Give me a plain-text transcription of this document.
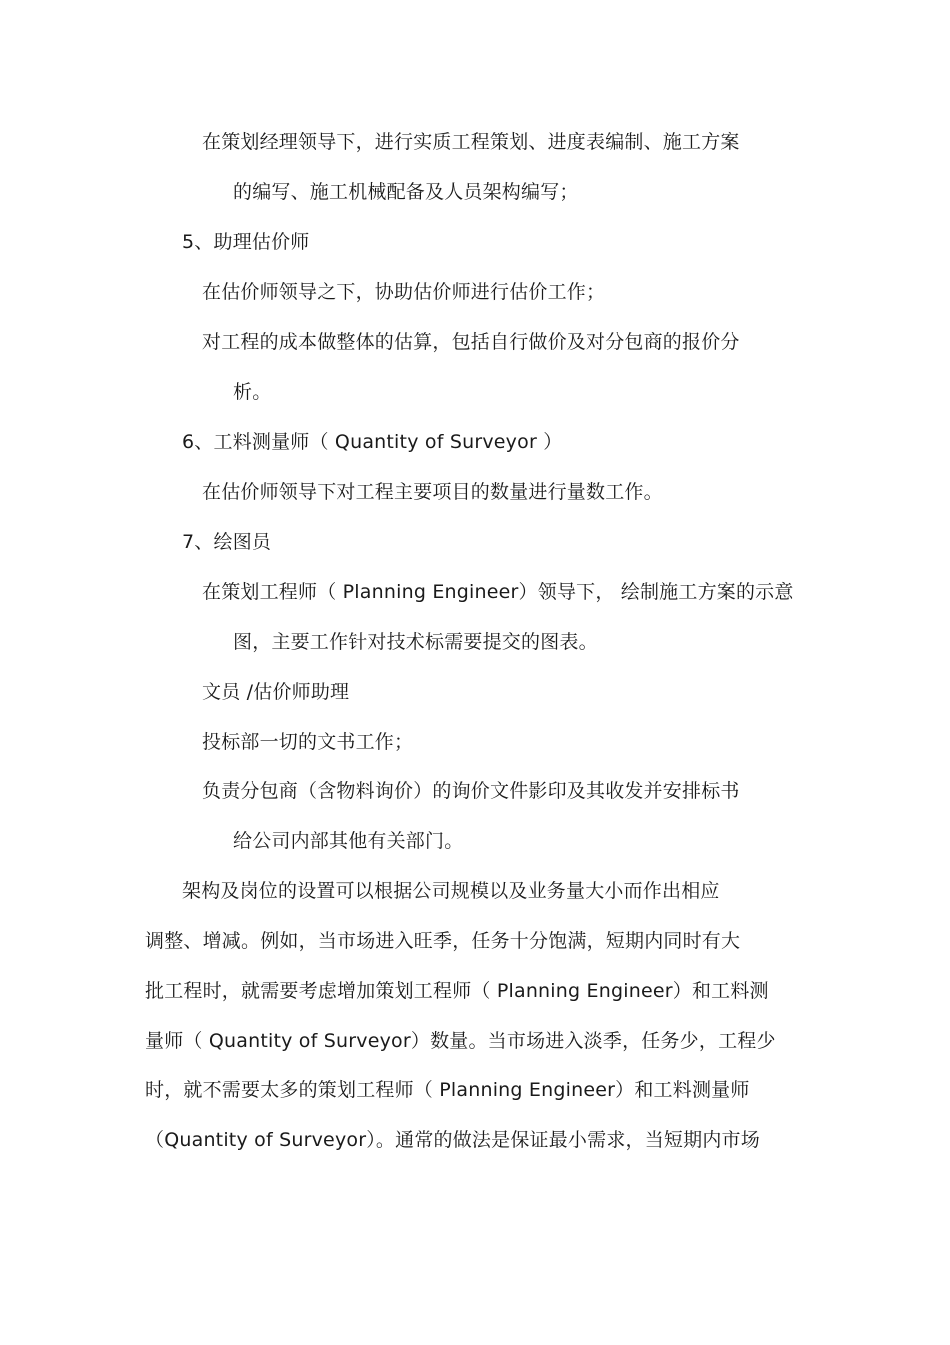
在策划经理领导下，进行实质工程策划、进度表编制、施工方案
的编写、施工机械配备及人员架构编写；
5、助理估价师
在估价师领导之下，协助估价师进行估价工作；
对工程的成本做整体的估算，包括自行做价及对分包商的报价分
析。
6、工料测量师（ Quantity of Surveyor ）
在估价师领导下对工程主要项目的数量进行量数工作。
7、绘图员
在策划工程师（ Planning Engineer）领导下， 绘制施工方案的示意
图，主要工作针对技术标需要提交的图表。
文员 /估价师助理
投标部一切的文书工作；
负责分包商（含物料询价）的询价文件影印及其收发并安排标书
给公司内部其他有关部门。
架构及岗位的设置可以根据公司规模以及业务量大小而作出相应
调整、增减。例如，当市场进入旺季，任务十分饱满，短期内同时有大
批工程时，就需要考虑增加策划工程师（ Planning Engineer）和工料测
量师（ Quantity of Surveyor）数量。当市场进入淡季，任务少，工程少
时，就不需要太多的策划工程师（ Planning Engineer）和工料测量师
（Quantity of Surveyor）。通常的做法是保证最小需求，当短期内市场
